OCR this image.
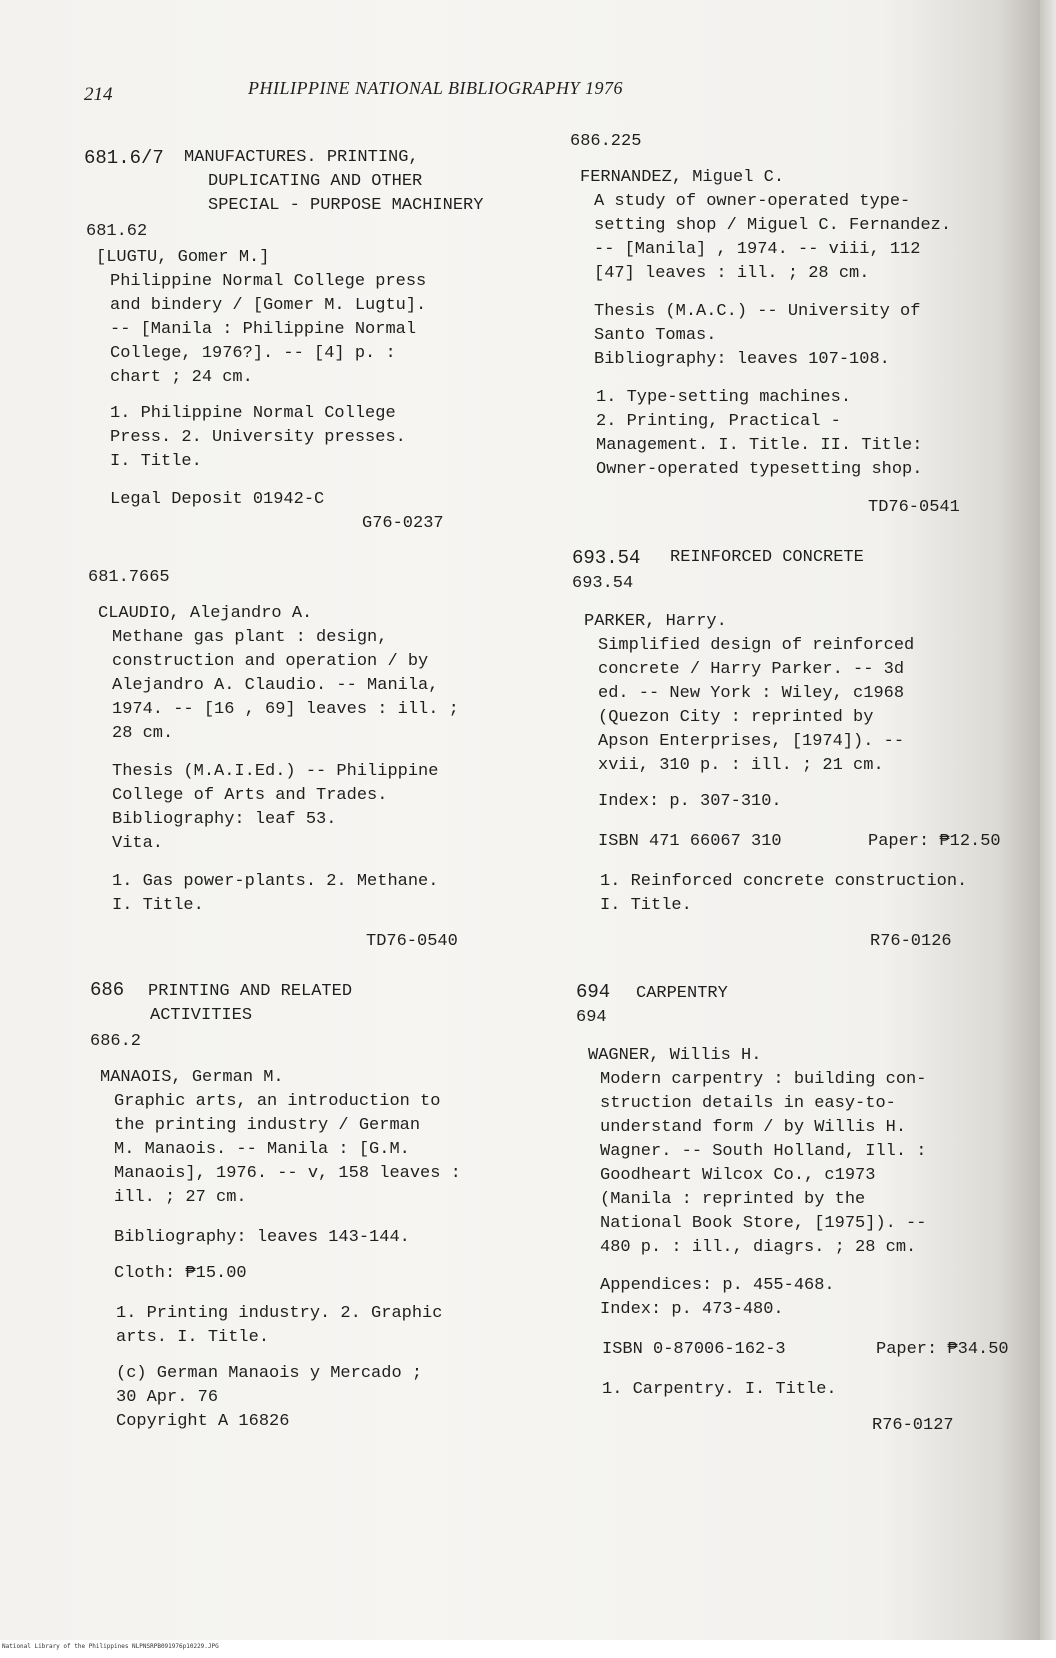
214	PHILIPPINE NATIONAL BIBLIOGRAPHY 1976
681.6/7 MANUFACTURES. PRINTING,
DUPLICATING AND OTHER
SPECIAL - PURPOSE MACHINERY
681.62
[LUGTU, Gomer M.]
Philippine Normal College press
and bindery / [Gomer M. Lugtu].
-- [Manila : Philippine Normal
College, 1976?]. -- [4] p. :
chart ; 24 cm.
1. Philippine Normal College
Press. 2. University presses.
I. Title.
Legal Deposit 01942-C
G76-0237
681.7665
CLAUDIO, Alejandro A.
Methane gas plant : design,
construction and operation / by
Alejandro A. Claudio. -- Manila,
1974. -- [16 , 69] leaves : ill. ;
28 cm.
Thesis (M.A.I.Ed.) -- Philippine
College of Arts and Trades.
Bibliography: leaf 53.
Vita.
1. Gas power-plants. 2. Methane.
I. Title.
TD76-0540
686 PRINTING AND RELATED
ACTIVITIES
686.2
MANAOIS, German M.
Graphic arts, an introduction to
the printing industry / German
M. Manaois. -- Manila : [G.M.
Manaois], 1976. -- v, 158 leaves :
ill. ; 27 cm.
Bibliography: leaves 143-144.
Cloth: ₱15.00
1. Printing industry. 2. Graphic
arts. I. Title.
(c) German Manaois y Mercado ;
30 Apr. 76
Copyright A 16826
686.225
FERNANDEZ, Miguel C.
A study of owner-operated type-
setting shop / Miguel C. Fernandez.
-- [Manila] , 1974. -- viii, 112
[47] leaves : ill. ; 28 cm.
Thesis (M.A.C.) -- University of
Santo Tomas.
Bibliography: leaves 107-108.
1. Type-setting machines.
2. Printing, Practical -
Management. I. Title. II. Title:
Owner-operated typesetting shop.
TD76-0541
693.54 REINFORCED CONCRETE
693.54
PARKER, Harry.
Simplified design of reinforced
concrete / Harry Parker. -- 3d
ed. -- New York : Wiley, c1968
(Quezon City : reprinted by
Apson Enterprises, [1974]). --
xvii, 310 p. : ill. ; 21 cm.
Index: p. 307-310.
ISBN 471 66067 310	Paper: ₱12.50
1. Reinforced concrete construction.
I. Title.
R76-0126
694 CARPENTRY
694
WAGNER, Willis H.
Modern carpentry : building con-
struction details in easy-to-
understand form / by Willis H.
Wagner. -- South Holland, Ill. :
Goodheart Wilcox Co., c1973
(Manila : reprinted by the
National Book Store, [1975]). --
480 p. : ill., diagrs. ; 28 cm.
Appendices: p. 455-468.
Index: p. 473-480.
ISBN 0-87006-162-3	Paper: ₱34.50
1. Carpentry. I. Title.
R76-0127
National Library of the Philippines NLPNSRPB091976p10229.JPG
